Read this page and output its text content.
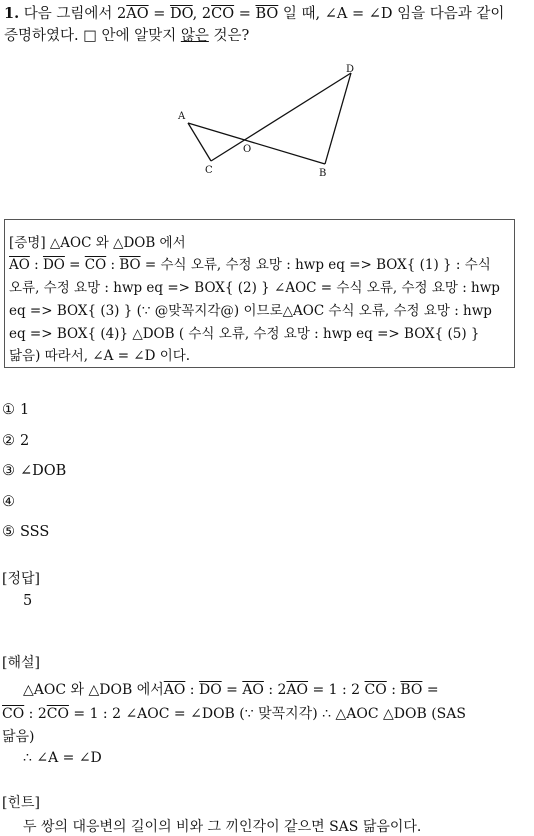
1. 다음 그림에서 $2\overline{AO} = \overline{DO}$, $2\overline{CO} = \overline{BO}$ 일 때, ∠A = ∠D 임을 다음과 같이
증명하였다. □ 안에 알맞지 않은 것은?
A
D
C	B
O
[증명] △AOC 와 △DOB 에서
$\overline{AO}$ : $\overline{DO} = \overline{CO}$ : $\overline{BO}$ = 수식 오류, 수정 요망 : hwp eq => BOX{ (1) } : 수식
오류, 수정 요망 : hwp eq => BOX{ (2) } ∠AOC = 수식 오류, 수정 요망 : hwp
eq => BOX{ (3) } (∵ @맞꼭지각@) 이므로△AOC 수식 오류, 수정 요망 : hwp
eq => BOX{ (4)} △DOB ( 수식 오류, 수정 요망 : hwp eq => BOX{ (5) }
닮음) 따라서, ∠A = ∠D 이다.
① 1
② 2
③ ∠DOB
④
⑤ SSS
[정답]
5
[해설]
△AOC 와 △DOB 에서$\overline{AO}$ : $\overline{DO} = \overline{AO}$ : $2\overline{AO} = 1$ : 2 $\overline{CO}$ : $\overline{BO}$ =
$\overline{CO}$ : $2\overline{CO} = 1$ : 2 ∠AOC = ∠DOB (∵ 맞꼭지각) ∴ △AOC △DOB (SAS
닮음)
∴ ∠A = ∠D
[힌트]
두 쌍의 대응변의 길이의 비와 그 끼인각이 같으면 SAS 닮음이다.
